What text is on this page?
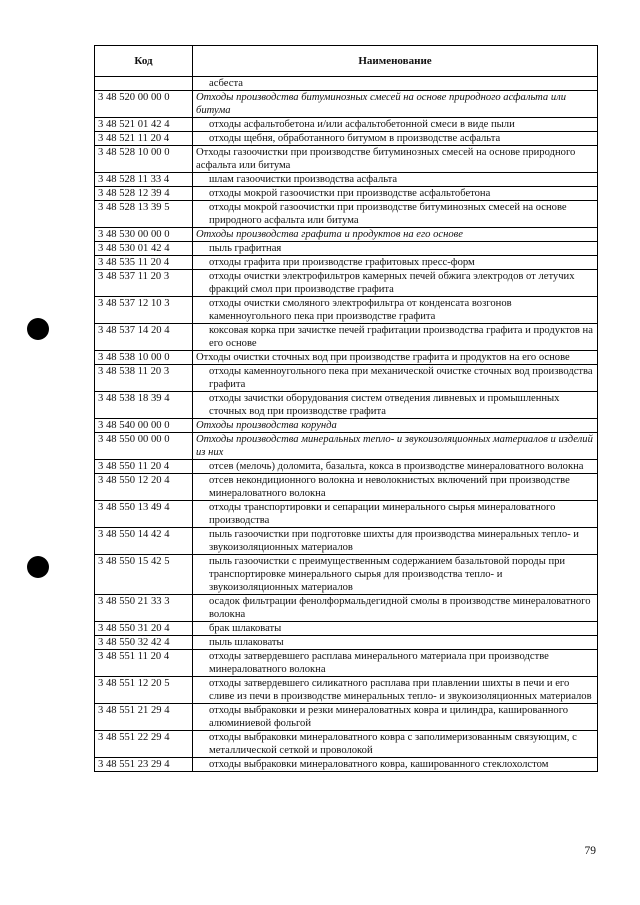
Код	Наименование
	асбеста
3 48 520 00 00 0	Отходы производства битуминозных смесей на основе природного асфальта или битума
3 48 521 01 42 4	отходы асфальтобетона и/или асфальтобетонной смеси в виде пыли
3 48 521 11 20 4	отходы щебня, обработанного битумом в производстве асфальта
3 48 528 10 00 0	Отходы газоочистки при производстве битуминозных смесей на основе природного асфальта или битума
3 48 528 11 33 4	шлам газоочистки производства асфальта
3 48 528 12 39 4	отходы мокрой газоочистки при производстве асфальтобетона
3 48 528 13 39 5	отходы мокрой газоочистки при производстве битуминозных смесей на основе природного асфальта или битума
3 48 530 00 00 0	Отходы производства графита и продуктов на его основе
3 48 530 01 42 4	пыль графитная
3 48 535 11 20 4	отходы графита при производстве графитовых пресс-форм
3 48 537 11 20 3	отходы очистки электрофильтров камерных печей обжига электродов от летучих фракций смол при производстве графита
3 48 537 12 10 3	отходы очистки смоляного электрофильтра от конденсата возгонов каменноугольного пека при производстве графита
3 48 537 14 20 4	коксовая корка при зачистке печей графитации производства графита и продуктов на его основе
3 48 538 10 00 0	Отходы очистки сточных вод при производстве графита и продуктов на его основе
3 48 538 11 20 3	отходы каменноугольного пека при механической очистке сточных вод производства графита
3 48 538 18 39 4	отходы зачистки оборудования систем отведения ливневых и промышленных сточных вод при производстве графита
3 48 540 00 00 0	Отходы производства корунда
3 48 550 00 00 0	Отходы производства минеральных тепло- и звукоизоляционных материалов и изделий из них
3 48 550 11 20 4	отсев (мелочь) доломита, базальта, кокса в производстве минераловатного волокна
3 48 550 12 20 4	отсев некондиционного волокна и неволокнистых включений при производстве минераловатного волокна
3 48 550 13 49 4	отходы транспортировки и сепарации минерального сырья минераловатного производства
3 48 550 14 42 4	пыль газоочистки при подготовке шихты для производства минеральных тепло- и звукоизоляционных материалов
3 48 550 15 42 5	пыль газоочистки с преимущественным содержанием базальтовой породы при транспортировке минерального сырья для производства тепло- и звукоизоляционных материалов
3 48 550 21 33 3	осадок фильтрации фенолформальдегидной смолы в производстве минераловатного волокна
3 48 550 31 20 4	брак шлаковаты
3 48 550 32 42 4	пыль шлаковаты
3 48 551 11 20 4	отходы затвердевшего расплава минерального материала при производстве минераловатного волокна
3 48 551 12 20 5	отходы затвердевшего силикатного расплава при плавлении шихты в печи и его сливе из печи в производстве минеральных тепло- и звукоизоляционных материалов
3 48 551 21 29 4	отходы выбраковки и резки минераловатных ковра и цилиндра, кашированного алюминиевой фольгой
3 48 551 22 29 4	отходы выбраковки минераловатного ковра с заполимеризованным связующим, с металлической сеткой и проволокой
3 48 551 23 29 4	отходы выбраковки минераловатного ковра, кашированного стеклохолстом
79
